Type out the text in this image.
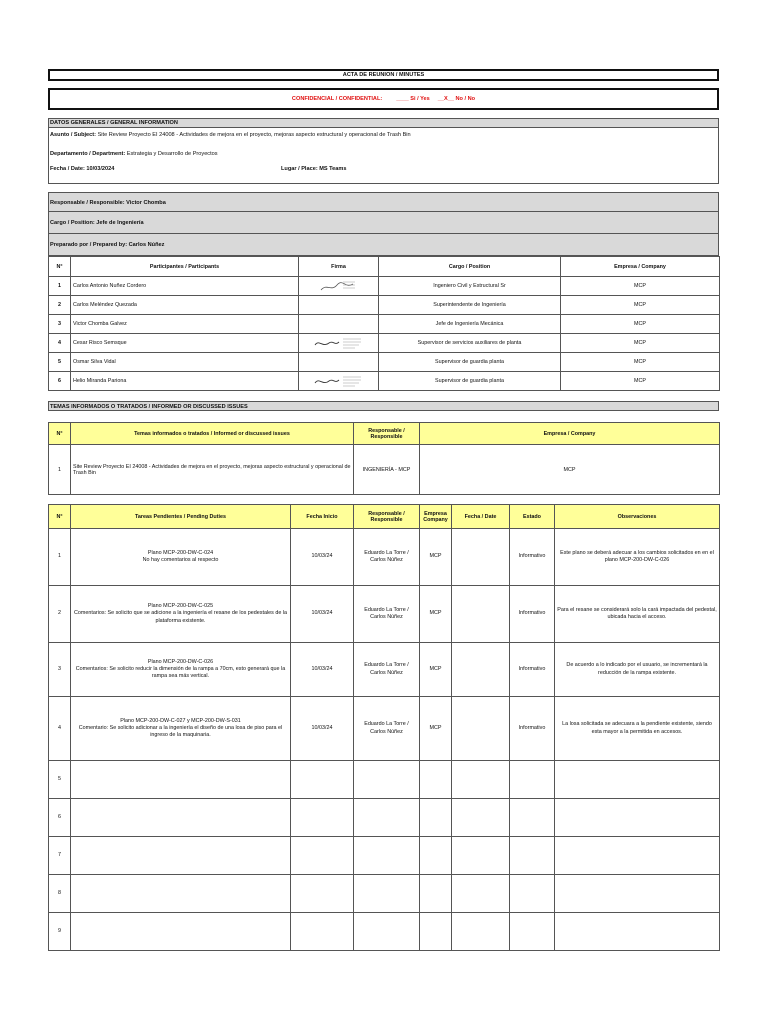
ACTA DE REUNION / MINUTES
CONFIDENCIAL / CONFIDENTIAL:	____ Si / Yes __X__ No / No
DATOS GENERALES / GENERAL INFORMATION
Asunto / Subject: Site Review Proyecto EI 24008 - Actividades de mejora en el proyecto, mejoras aspecto estructural y operacional de Trash Bin
Departamento / Department: Estrategia y Desarrollo de Proyectos
Fecha / Date: 10/03/2024	Lugar / Place: MS Teams
Responsable / Responsible: Victor Chomba
Cargo / Position: Jefe de Ingeniería
Preparado por / Prepared by: Carlos Núñez
N°	Participantes / Participants	Firma	Cargo / Position	Empresa / Company
1	Carlos Antonio Nuñez Cordero		Ingeniero Civil y Estructural Sr	MCP
2	Carlos Meléndez Quezada		Superintendente de Ingeniería	MCP
3	Victor Chomba Galvez		Jefe de Ingeniería Mecánica	MCP
4	Cesar Risco Semsque		Supervisor de servicios auxiliares de planta	MCP
5	Osmar Silva Vidal		Supervisor de guardia planta	MCP
6	Helio Miranda Pariona		Supervisor de guardia planta	MCP
TEMAS INFORMADOS O TRATADOS / INFORMED OR DISCUSSED ISSUES
N°	Temas informados o tratados / Informed or discussed issues	Responsable / Responsible	Empresa / Company
1	Site Review Proyecto EI 24008 - Actividades de mejora en el proyecto, mejoras aspecto estructural y operacional de Trash Bin	INGENIERÍA - MCP	MCP
N°	Tareas Pendientes / Pending Duties	Fecha Inicio	Responsable / Responsible	Empresa Company	Fecha / Date	Estado	Observaciones
1	Plano MCP-200-DW-C-024
No hay comentarios al respecto	10/03/24	Eduardo La Torre /
Carlos Núñez	MCP		Informativo	Este plano se deberá adecuar a los cambios solicitados en en el plano MCP-200-DW-C-026
2	Plano MCP-200-DW-C-025
Comentarios: Se solicito que se adicione a la ingeniería el resane de los pedestales de la plataforma existente.	10/03/24	Eduardo La Torre /
Carlos Núñez	MCP		Informativo	Para el resane se considerará solo la cará impactada del pedestal, ubicada hacia el acceso.
3	Plano MCP-200-DW-C-026
Comentarios: Se solicito reducir la dimensión de la rampa a 70cm, esto generará que la rampa sea más vertical.	10/03/24	Eduardo La Torre /
Carlos Núñez	MCP		Informativo	De acuerdo a lo indicado por el usuario, se incrementará la reducción de la rampa existente.
4	Plano MCP-200-DW-C-027 y MCP-200-DW-S-031
Comentario: Se solicito adicionar a la ingeniería el diseño de una losa de piso para el ingreso de la maquinaria.	10/03/24	Eduardo La Torre /
Carlos Núñez	MCP		Informativo	La losa solicitada se adecuara a la pendiente existente, siendo esta mayor a la permitida en accesos.
5							
6							
7							
8							
9							
